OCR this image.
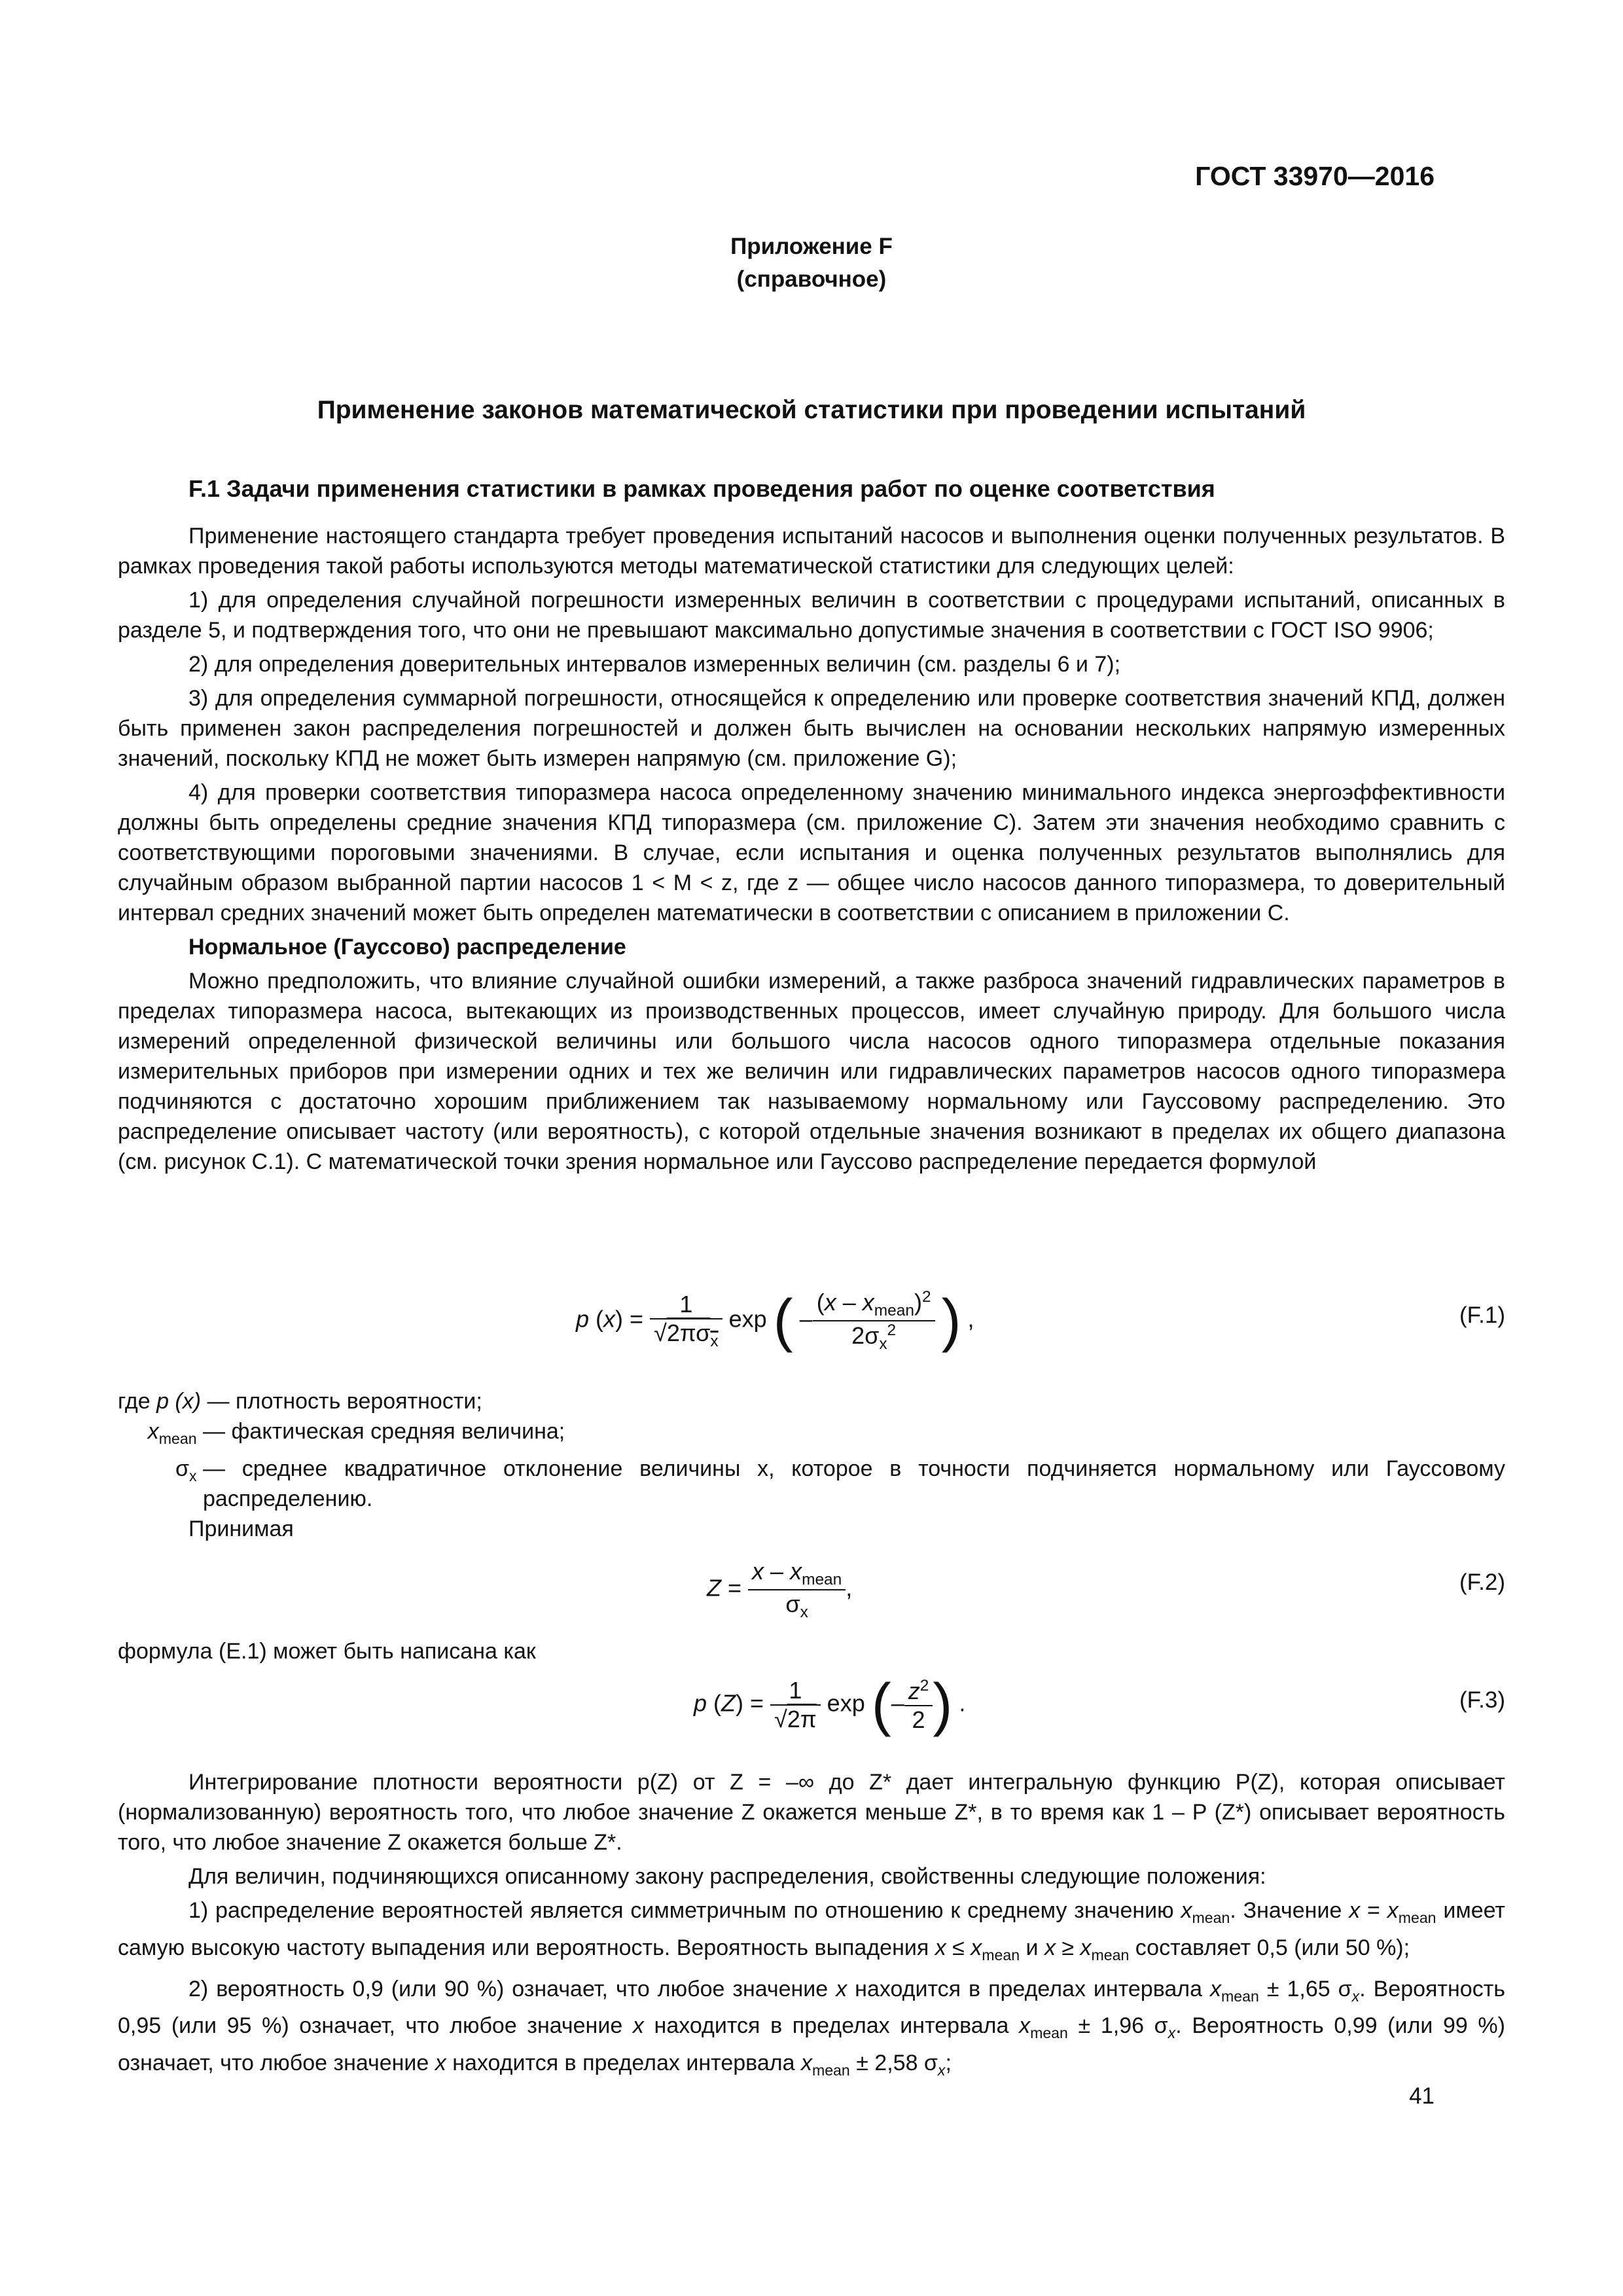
ГОСТ 33970—2016
Приложение F
(справочное)
Применение законов математической статистики при проведении испытаний
F.1 Задачи применения статистики в рамках проведения работ по оценке соответствия

Применение настоящего стандарта требует проведения испытаний насосов и выполнения оценки полученных результатов. В рамках проведения такой работы используются методы математической статистики для следующих целей:

1) для определения случайной погрешности измеренных величин в соответствии с процедурами испытаний, описанных в разделе 5, и подтверждения того, что они не превышают максимально допустимые значения в соответствии с ГОСТ ISO 9906;

2) для определения доверительных интервалов измеренных величин (см. разделы 6 и 7);

3) для определения суммарной погрешности, относящейся к определению или проверке соответствия значений КПД, должен быть применен закон распределения погрешностей и должен быть вычислен на основании нескольких напрямую измеренных значений, поскольку КПД не может быть измерен напрямую (см. приложение G);

4) для проверки соответствия типоразмера насоса определенному значению минимального индекса энергоэффективности должны быть определены средние значения КПД типоразмера (см. приложение С). Затем эти значения необходимо сравнить с соответствующими пороговыми значениями. В случае, если испытания и оценка полученных результатов выполнялись для случайным образом выбранной партии насосов 1 < M < z, где z — общее число насосов данного типоразмера, то доверительный интервал средних значений может быть определен математически в соответствии с описанием в приложении С.

Нормальное (Гауссово) распределение

Можно предположить, что влияние случайной ошибки измерений, а также разброса значений гидравлических параметров в пределах типоразмера насоса, вытекающих из производственных процессов, имеет случайную природу. Для большого числа измерений определенной физической величины или большого числа насосов одного типоразмера отдельные показания измерительных приборов при измерении одних и тех же величин или гидравлических параметров насосов одного типоразмера подчиняются с достаточно хорошим приближением так называемому нормальному или Гауссовому распределению. Это распределение описывает частоту (или вероятность), с которой отдельные значения возникают в пределах их общего диапазона (см. рисунок С.1). С математической точки зрения нормальное или Гауссово распределение передается формулой

p $(x) = \frac{1}{√2\pi\sigma_x}$ exp ( – $\frac{(x - x_{mean})^2}{2\sigma_x^2}$ ) ,	(F.1)
где
p (x)
— плотность вероятности;
$x_{mean}$ — фактическая средняя величина;
$\sigma_x$ — среднее квадратичное отклонение величины x, которое в точности подчиняется нормальному или Гауссовому распределению.
Принимая
$Z = \frac{x - x_{mean}}{\sigma_x}$ ,	(F.2)

формула (Е.1) может быть написана как

p $(Z) = \frac{1}{√2\pi}$ exp (– $\frac{z^2}{2}$ ) .	(F.3)

Интегрирование плотности вероятности p(Z) от Z = –∞ до Z* дает интегральную функцию P(Z), которая описывает (нормализованную) вероятность того, что любое значение Z окажется меньше Z*, в то время как 1 – P (Z*) описывает вероятность того, что любое значение Z окажется больше Z*.

Для величин, подчиняющихся описанному закону распределения, свойственны следующие положения:

1) распределение вероятностей является симметричным по отношению к среднему значению $x_{mean}$. Значение $x = x_{mean}$ имеет самую высокую частоту выпадения или вероятность. Вероятность выпадения $x \le x_{mean}$ и $x \ge x_{mean}$ составляет 0,5 (или 50 %);

2) вероятность 0,9 (или 90 %) означает, что любое значение x находится в пределах интервала $x_{mean} \pm 1,65$ $\sigma_x$. Вероятность 0,95 (или 95 %) означает, что любое значение x находится в пределах интервала $x_{mean} \pm 1,96$ $\sigma_x$. Вероятность 0,99 (или 99 %) означает, что любое значение x находится в пределах интервала $x_{mean} \pm 2,58$ $\sigma_x$;

41
